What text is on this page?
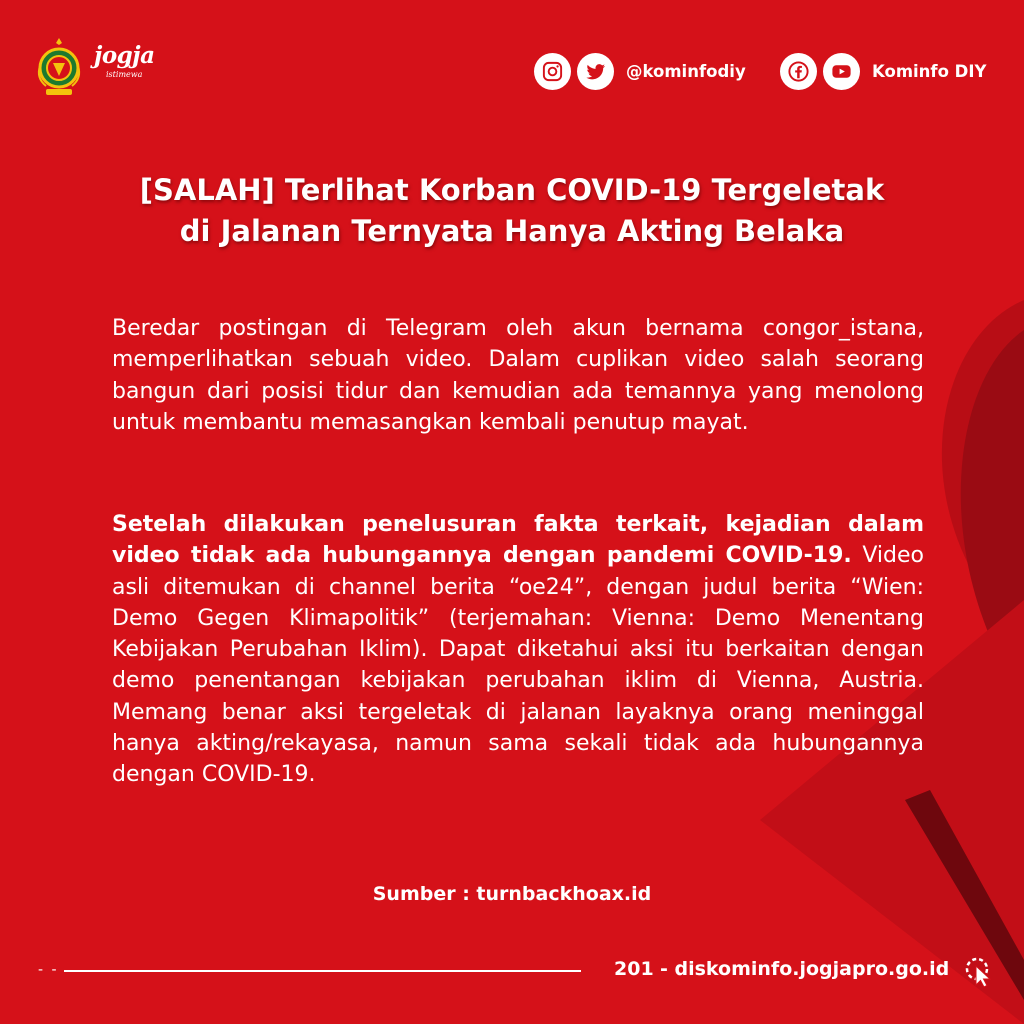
jogja
istimewa	@kominfodiy	Kominfo DIY
[SALAH] Terlihat Korban COVID-19 Tergeletak
di Jalanan Ternyata Hanya Akting Belaka
Beredar postingan di Telegram oleh akun bernama congor_istana, memperlihatkan sebuah video. Dalam cuplikan video salah seorang bangun dari posisi tidur dan kemudian ada temannya yang menolong untuk membantu memasangkan kembali penutup mayat.
Setelah dilakukan penelusuran fakta terkait, kejadian dalam video tidak ada hubungannya dengan pandemi COVID-19. Video asli ditemukan di channel berita “oe24”, dengan judul berita “Wien: Demo Gegen Klimapolitik” (terjemahan: Vienna: Demo Menentang Kebijakan Perubahan Iklim). Dapat diketahui aksi itu berkaitan dengan demo penentangan kebijakan perubahan iklim di Vienna, Austria. Memang benar aksi tergeletak di jalanan layaknya orang meninggal hanya akting/rekayasa, namun sama sekali tidak ada hubungannya dengan COVID-19.
Sumber : turnbackhoax.id
- -	201 - diskominfo.jogjapro.go.id
